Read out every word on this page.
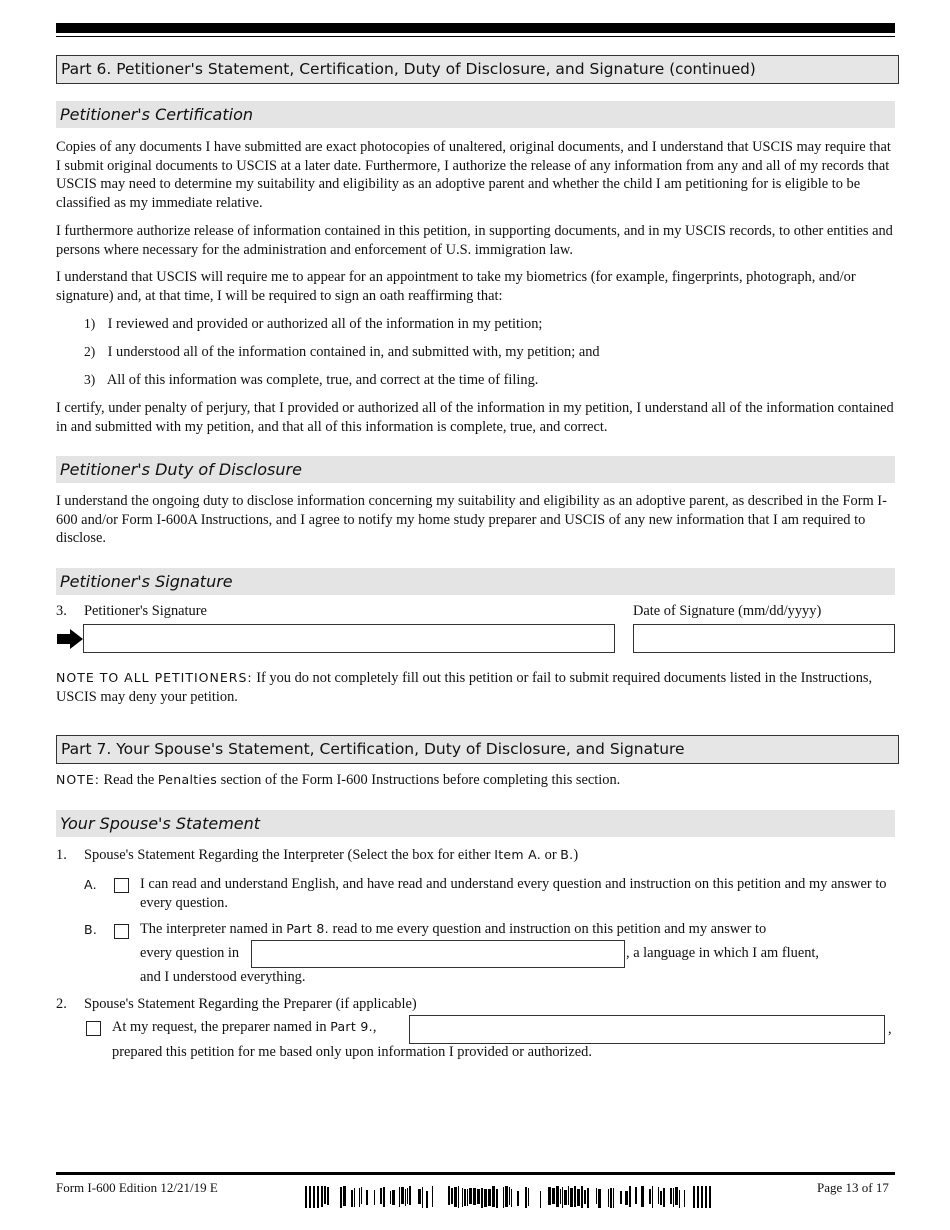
Part 6. Petitioner's Statement, Certification, Duty of Disclosure, and Signature (continued)
Petitioner's Certification

Copies of any documents I have submitted are exact photocopies of unaltered, original documents, and I understand that USCIS may require that I submit original documents to USCIS at a later date. Furthermore, I authorize the release of any information from any and all of my records that USCIS may need to determine my suitability and eligibility as an adoptive parent and whether the child I am petitioning for is eligible to be classified as my immediate relative.

I furthermore authorize release of information contained in this petition, in supporting documents, and in my USCIS records, to other entities and persons where necessary for the administration and enforcement of U.S. immigration law.

I understand that USCIS will require me to appear for an appointment to take my biometrics (for example, fingerprints, photograph, and/or signature) and, at that time, I will be required to sign an oath reaffirming that:

1) I reviewed and provided or authorized all of the information in my petition;
2) I understood all of the information contained in, and submitted with, my petition; and
3) All of this information was complete, true, and correct at the time of filing.

I certify, under penalty of perjury, that I provided or authorized all of the information in my petition, I understand all of the information contained in and submitted with my petition, and that all of this information is complete, true, and correct.

Petitioner's Duty of Disclosure

I understand the ongoing duty to disclose information concerning my suitability and eligibility as an adoptive parent, as described in the Form I-600 and/or Form I-600A Instructions, and I agree to notify my home study preparer and USCIS of any new information that I am required to disclose.

Petitioner's Signature
3. Petitioner's Signature	Date of Signature (mm/dd/yyyy)

NOTE TO ALL PETITIONERS: If you do not completely fill out this petition or fail to submit required documents listed in the Instructions, USCIS may deny your petition.

Part 7. Your Spouse's Statement, Certification, Duty of Disclosure, and Signature

NOTE: Read the Penalties section of the Form I-600 Instructions before completing this section.

Your Spouse's Statement
1. Spouse's Statement Regarding the Interpreter (Select the box for either Item A. or B.)
A.	I can read and understand English, and have read and understand every question and instruction on this petition and my answer to every question.

B.	The interpreter named in Part 8. read to me every question and instruction on this petition and my answer to
every question in	, a language in which I am fluent,
and I understood everything.
2. Spouse's Statement Regarding the Preparer (if applicable)
At my request, the preparer named in Part 9.,	,
prepared this petition for me based only upon information I provided or authorized.
Form I-600 Edition 12/21/19 E	Page 13 of 17
